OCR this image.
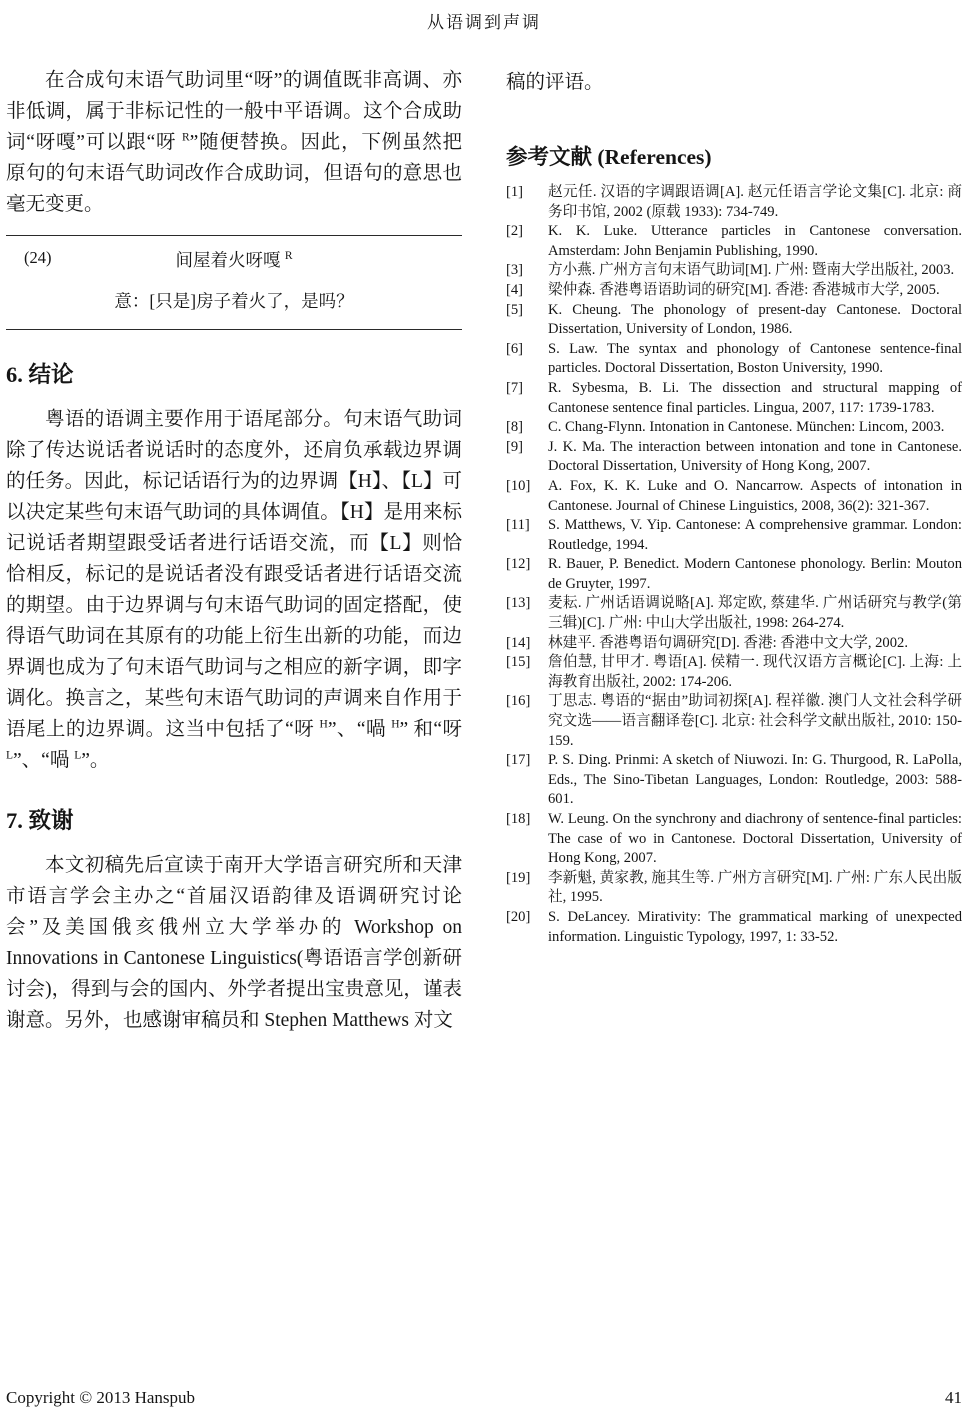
从语调到声调

在合成句末语气助词里“呀”的调值既非高调、亦非低调，属于非标记性的一般中平语调。这个合成助词“呀嘎”可以跟“呀 $^R$”随便替换。因此，下例虽然把原句的句末语气助词改作合成助词，但语句的意思也毫无变更。

(24)	间屋着火呀嘎 $^R$

意：[只是]房子着火了，是吗？

6. 结论

粤语的语调主要作用于语尾部分。句末语气助词除了传达说话者说话时的态度外，还肩负承载边界调的任务。因此，标记话语行为的边界调【H】、【L】可以决定某些句末语气助词的具体调值。【H】是用来标记说话者期望跟受话者进行话语交流，而【L】则恰恰相反，标记的是说话者没有跟受话者进行话语交流的期望。由于边界调与句末语气助词的固定搭配，使得语气助词在其原有的功能上衍生出新的功能，而边界调也成为了句末语气助词与之相应的新字调，即字调化。换言之，某些句末语气助词的声调来自作用于语尾上的边界调。这当中包括了“呀 $^H$”、“喎 $^H$” 和“呀 $^L$”、“喎 $^L$”。

7. 致谢

本文初稿先后宣读于南开大学语言研究所和天津市语言学会主办之“首届汉语韵律及语调研究讨论会”及美国俄亥俄州立大学举办的 Workshop on Innovations in Cantonese Linguistics(粤语语言学创新研讨会)，得到与会的国内、外学者提出宝贵意见，谨表谢意。另外，也感谢审稿员和 Stephen Matthews 对文

稿的评语。

参考文献 (References)
[1]	赵元任. 汉语的字调跟语调[A]. 赵元任语言学论文集[C]. 北京: 商务印书馆, 2002 (原载 1933): 734-749.
[2]	K. K. Luke. Utterance particles in Cantonese conversation. Amsterdam: John Benjamin Publishing, 1990.
[3]	方小燕. 广州方言句末语气助词[M]. 广州: 暨南大学出版社, 2003.
[4]	梁仲森. 香港粤语语助词的研究[M]. 香港: 香港城市大学, 2005.
[5]	K. Cheung. The phonology of present-day Cantonese. Doctoral Dissertation, University of London, 1986.
[6]	S. Law. The syntax and phonology of Cantonese sentence-final particles. Doctoral Dissertation, Boston University, 1990.
[7]	R. Sybesma, B. Li. The dissection and structural mapping of Cantonese sentence final particles. Lingua, 2007, 117: 1739-1783.
[8]	C. Chang-Flynn. Intonation in Cantonese. München: Lincom, 2003.
[9]	J. K. Ma. The interaction between intonation and tone in Cantonese. Doctoral Dissertation, University of Hong Kong, 2007.
[10]	A. Fox, K. K. Luke and O. Nancarrow. Aspects of intonation in Cantonese. Journal of Chinese Linguistics, 2008, 36(2): 321-367.
[11]	S. Matthews, V. Yip. Cantonese: A comprehensive grammar. London: Routledge, 1994.
[12]	R. Bauer, P. Benedict. Modern Cantonese phonology. Berlin: Mouton de Gruyter, 1997.
[13]	麦耘. 广州话语调说略[A]. 郑定欧, 蔡建华. 广州话研究与教学(第三辑)[C]. 广州: 中山大学出版社, 1998: 264-274.
[14]	林建平. 香港粤语句调研究[D]. 香港: 香港中文大学, 2002.
[15]	詹伯慧, 甘甲才. 粤语[A]. 侯精一. 现代汉语方言概论[C]. 上海: 上海教育出版社, 2002: 174-206.
[16]	丁思志. 粤语的“据由”助词初探[A]. 程祥徽. 澳门人文社会科学研究文选——语言翻译卷[C]. 北京: 社会科学文献出版社, 2010: 150-159.
[17]	P. S. Ding. Prinmi: A sketch of Niuwozi. In: G. Thurgood, R. LaPolla, Eds., The Sino-Tibetan Languages, London: Routledge, 2003: 588-601.
[18]	W. Leung. On the synchrony and diachrony of sentence-final particles: The case of wo in Cantonese. Doctoral Dissertation, University of Hong Kong, 2007.
[19]	李新魁, 黄家教, 施其生等. 广州方言研究[M]. 广州: 广东人民出版社, 1995.
[20]	S. DeLancey. Mirativity: The grammatical marking of unexpected information. Linguistic Typology, 1997, 1: 33-52.
Copyright © 2013 Hanspub	41
